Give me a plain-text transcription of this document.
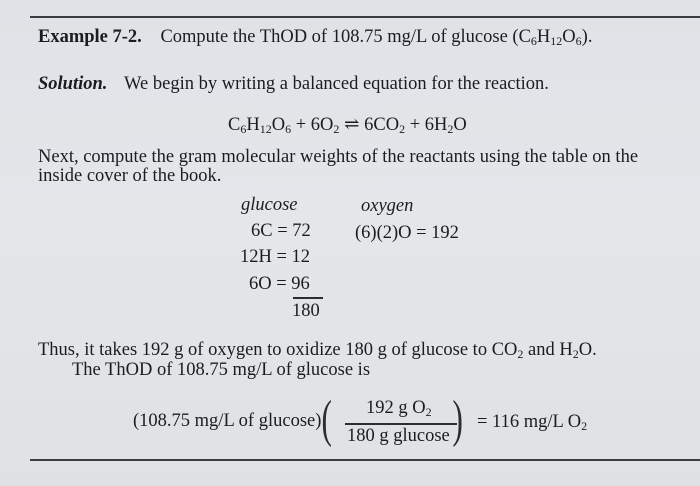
Example 7-2. Compute the ThOD of 108.75 mg/L of glucose $(C_6H_{12}O_6)$.
Solution. We begin by writing a balanced equation for the reaction.
$C_6H_{12}O_6 + 6O_2$ ⇌ $6CO_2 + 6H_2O$
Next, compute the gram molecular weights of the reactants using the table on the
inside cover of the book.
glucose	oxygen
6C = 72 (6)(2)O = 192
12H = 12
6O = 96
180
Thus, it takes 192 g of oxygen to oxidize 180 g of glucose to $CO_2$ and $H_2O$.
The ThOD of 108.75 mg/L of glucose is
(108.75 mg/L of glucose) ( 192 g $O_2$
180 g glucose ) = 116 mg/L $O_2$
